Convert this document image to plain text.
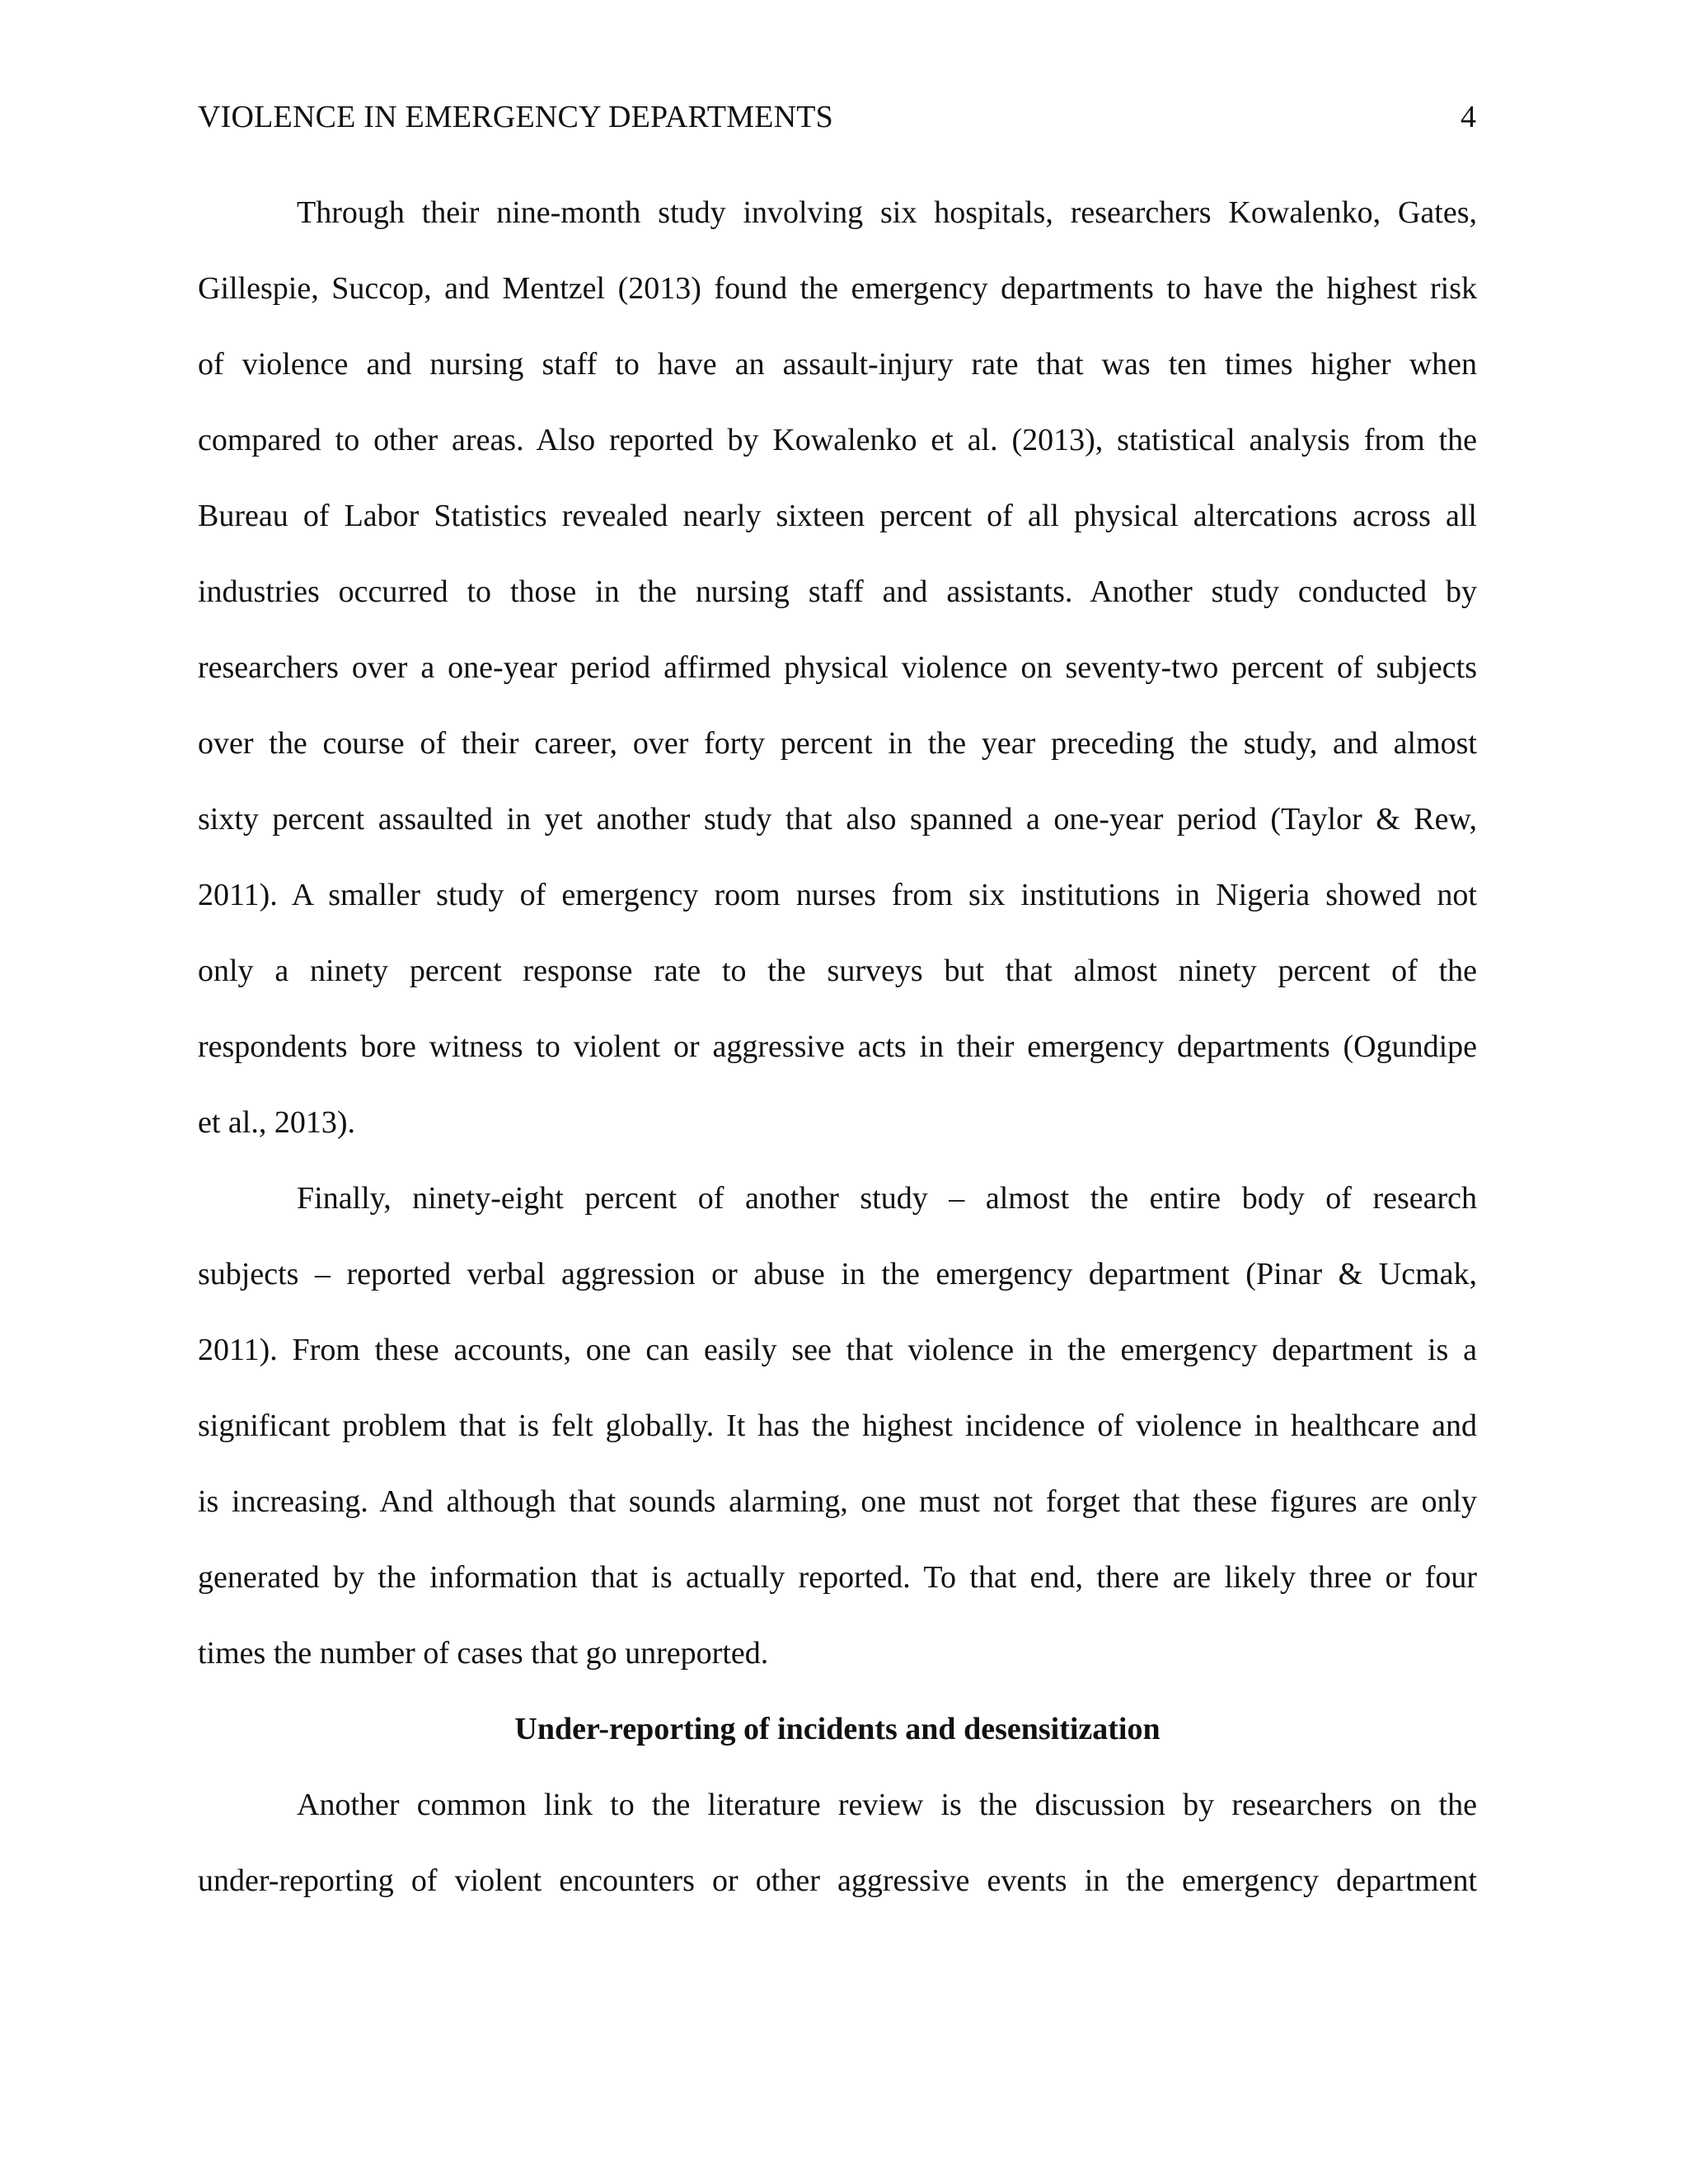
VIOLENCE IN EMERGENCY DEPARTMENTS	4
Through their nine-month study involving six hospitals, researchers Kowalenko, Gates,
Gillespie, Succop, and Mentzel (2013) found the emergency departments to have the highest risk
of violence and nursing staff to have an assault-injury rate that was ten times higher when
compared to other areas. Also reported by Kowalenko et al. (2013), statistical analysis from the
Bureau of Labor Statistics revealed nearly sixteen percent of all physical altercations across all
industries occurred to those in the nursing staff and assistants. Another study conducted by
researchers over a one-year period affirmed physical violence on seventy-two percent of subjects
over the course of their career, over forty percent in the year preceding the study, and almost
sixty percent assaulted in yet another study that also spanned a one-year period (Taylor & Rew,
2011). A smaller study of emergency room nurses from six institutions in Nigeria showed not
only a ninety percent response rate to the surveys but that almost ninety percent of the
respondents bore witness to violent or aggressive acts in their emergency departments (Ogundipe
et al., 2013).
Finally, ninety-eight percent of another study – almost the entire body of research
subjects – reported verbal aggression or abuse in the emergency department (Pinar & Ucmak,
2011). From these accounts, one can easily see that violence in the emergency department is a
significant problem that is felt globally. It has the highest incidence of violence in healthcare and
is increasing. And although that sounds alarming, one must not forget that these figures are only
generated by the information that is actually reported. To that end, there are likely three or four
times the number of cases that go unreported.
Under-reporting of incidents and desensitization
Another common link to the literature review is the discussion by researchers on the
under-reporting of violent encounters or other aggressive events in the emergency department
